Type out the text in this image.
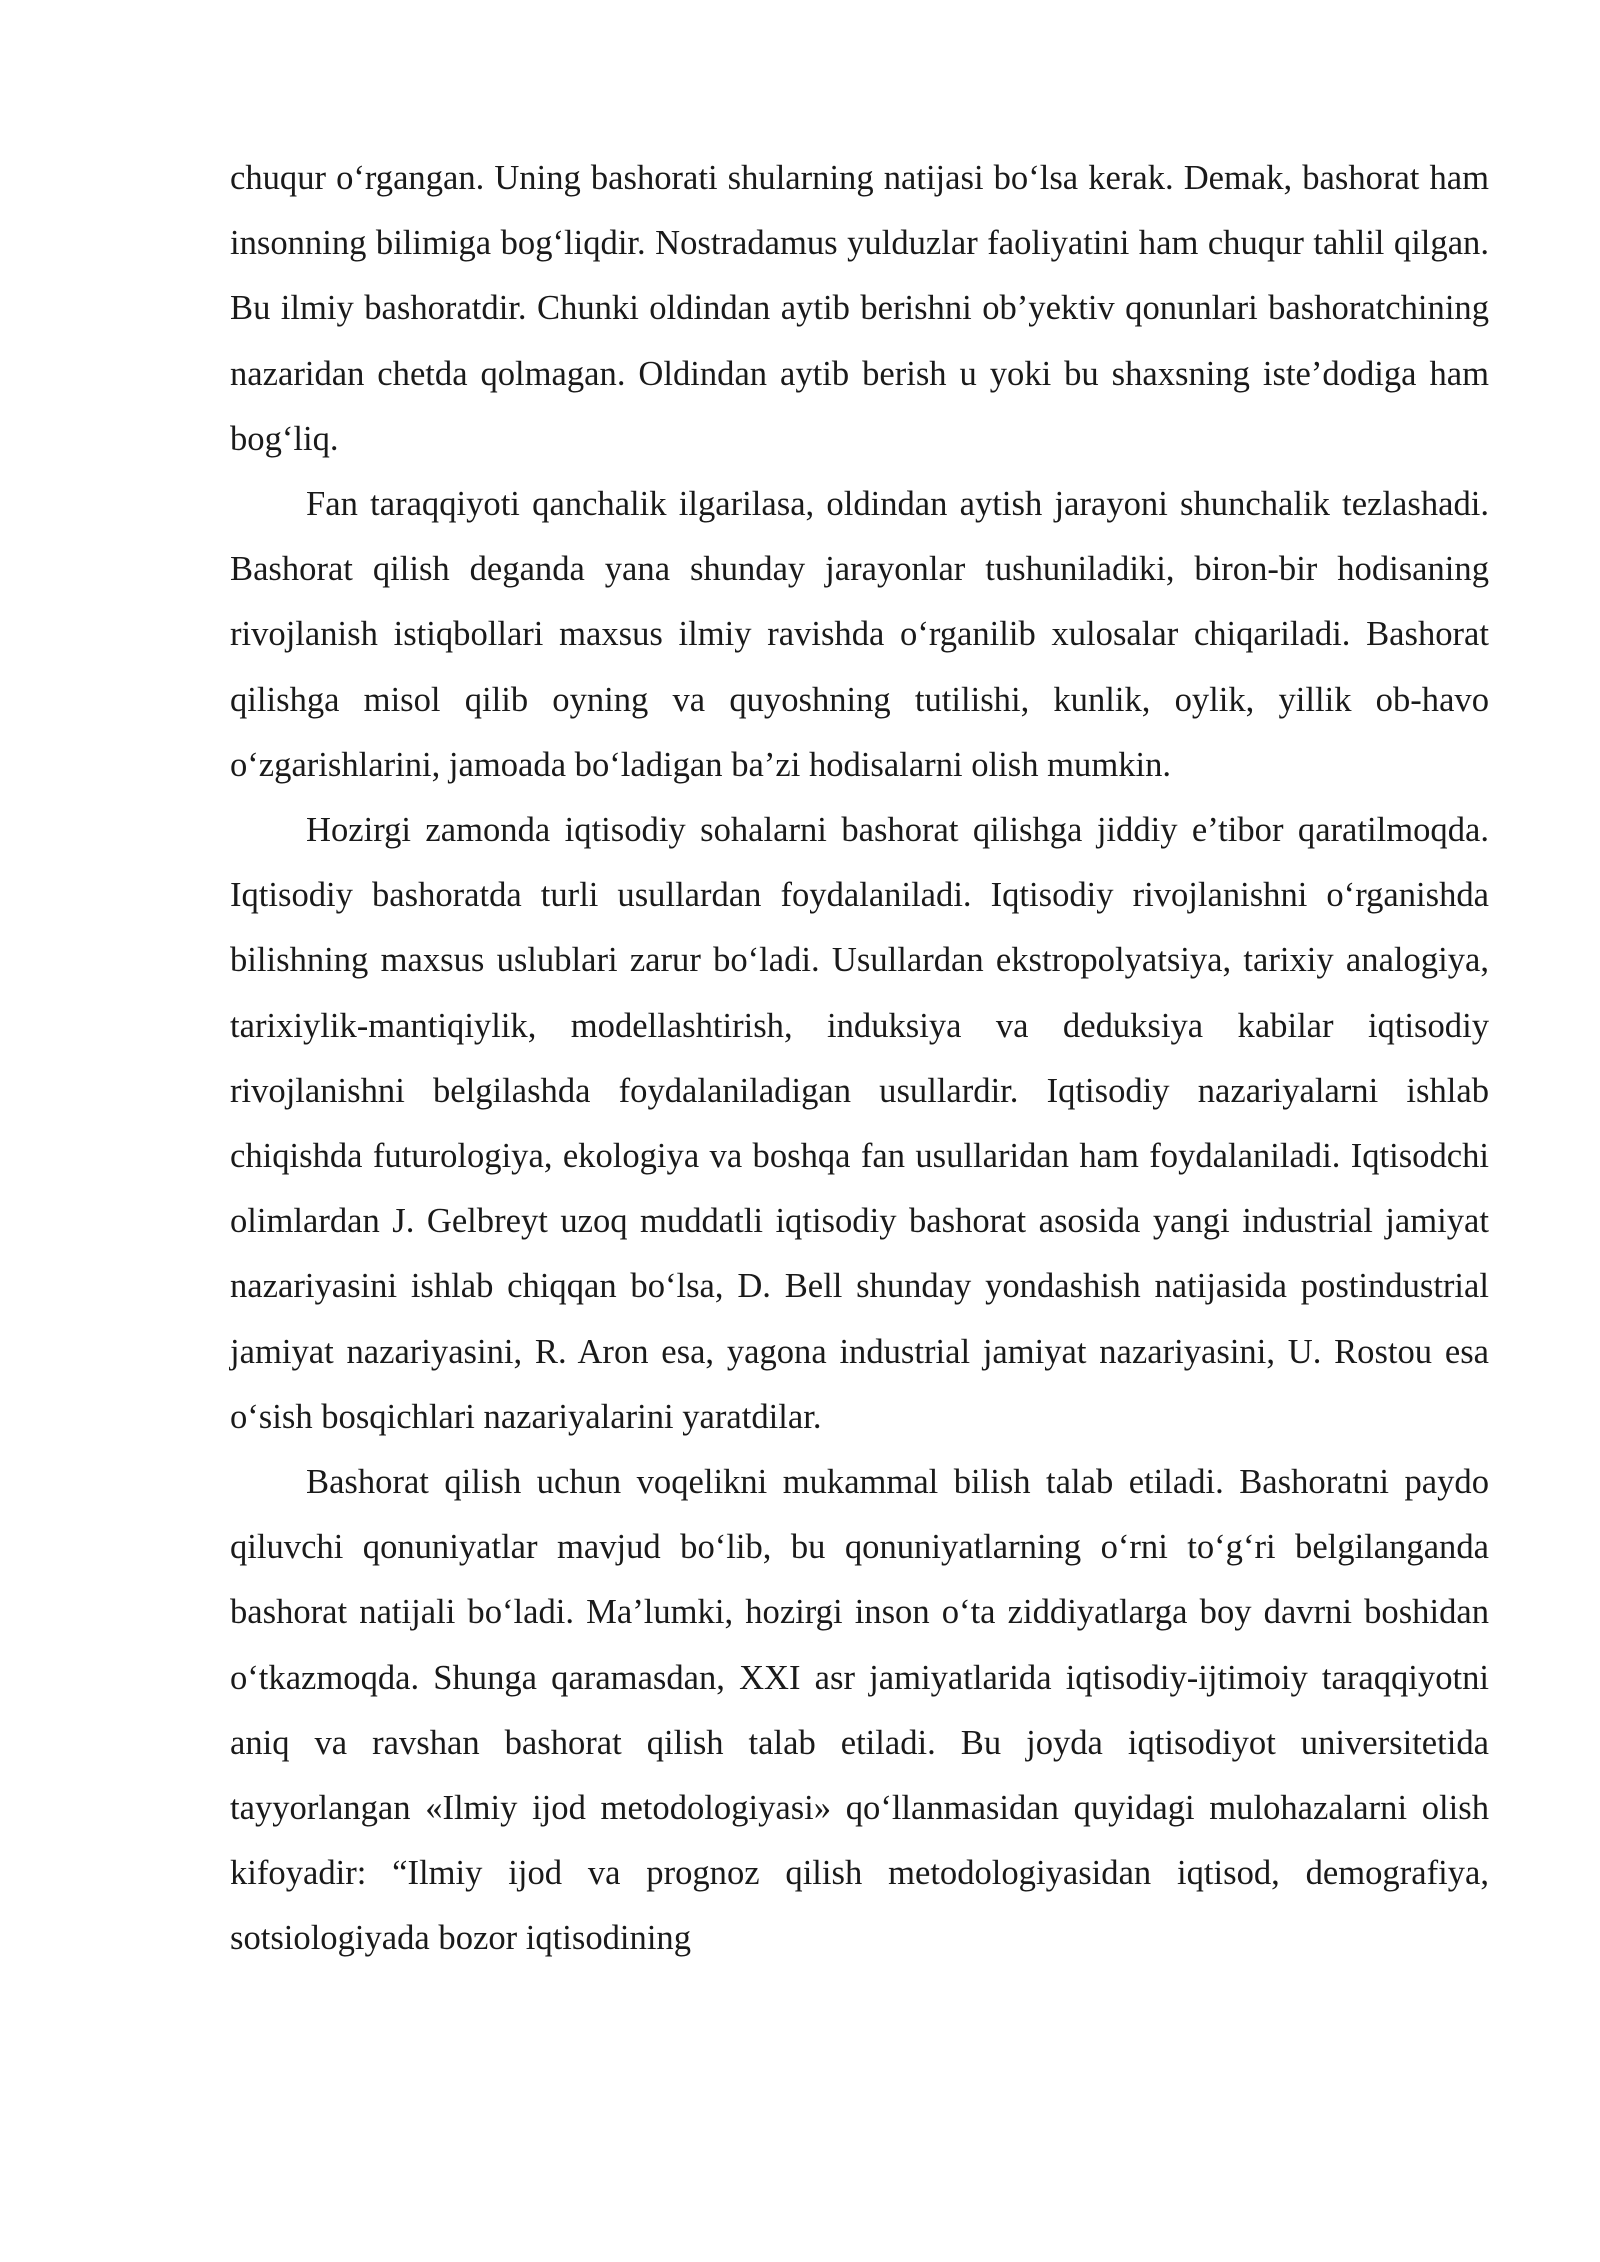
chuqur o‘rgangan. Uning bashorati shularning natijasi bo‘lsa kerak. Demak, bashorat ham insonning bilimiga bog‘liqdir. Nostradamus yulduzlar faoliyatini ham chuqur tahlil qilgan. Bu ilmiy bashoratdir. Chunki oldindan aytib berishni ob’yektiv qonunlari bashoratchining nazaridan chetda qolmagan. Oldindan aytib berish u yoki bu shaxsning iste’dodiga ham bog‘liq.

Fan taraqqiyoti qanchalik ilgarilasa, oldindan aytish jarayoni shunchalik tezlashadi. Bashorat qilish deganda yana shunday jarayonlar tushuniladiki, biron-bir hodisaning rivojlanish istiqbollari maxsus ilmiy ravishda o‘rganilib xulosalar chiqariladi. Bashorat qilishga misol qilib oyning va quyoshning tutilishi, kunlik, oylik, yillik ob-havo o‘zgarishlarini, jamoada bo‘ladigan ba’zi hodisalarni olish mumkin.

Hozirgi zamonda iqtisodiy sohalarni bashorat qilishga jiddiy e’tibor qaratilmoqda. Iqtisodiy bashoratda turli usullardan foydalaniladi. Iqtisodiy rivojlanishni o‘rganishda bilishning maxsus uslublari zarur bo‘ladi. Usullardan ekstropolyatsiya, tarixiy analogiya, tarixiylik-mantiqiylik, modellashtirish, induksiya va deduksiya kabilar iqtisodiy rivojlanishni belgilashda foydalaniladigan usullardir. Iqtisodiy nazariyalarni ishlab chiqishda futurologiya, ekologiya va boshqa fan usullaridan ham foydalaniladi. Iqtisodchi olimlardan J. Gelbreyt uzoq muddatli iqtisodiy bashorat asosida yangi industrial jamiyat nazariyasini ishlab chiqqan bo‘lsa, D. Bell shunday yondashish natijasida postindustrial jamiyat nazariyasini, R. Aron esa, yagona industrial jamiyat nazariyasini, U. Rostou esa o‘sish bosqichlari nazariyalarini yaratdilar.

Bashorat qilish uchun voqelikni mukammal bilish talab etiladi. Bashoratni paydo qiluvchi qonuniyatlar mavjud bo‘lib, bu qonuniyatlarning o‘rni to‘g‘ri belgilanganda bashorat natijali bo‘ladi. Ma’lumki, hozirgi inson o‘ta ziddiyatlarga boy davrni boshidan o‘tkazmoqda. Shunga qaramasdan, XXI asr jamiyatlarida iqtisodiy-ijtimoiy taraqqiyotni aniq va ravshan bashorat qilish talab etiladi. Bu joyda iqtisodiyot universitetida tayyorlangan «Ilmiy ijod metodologiyasi» qo‘llanmasidan quyidagi mulohazalarni olish kifoyadir: “Ilmiy ijod va prognoz qilish metodologiyasidan iqtisod, demografiya, sotsiologiyada bozor iqtisodining
